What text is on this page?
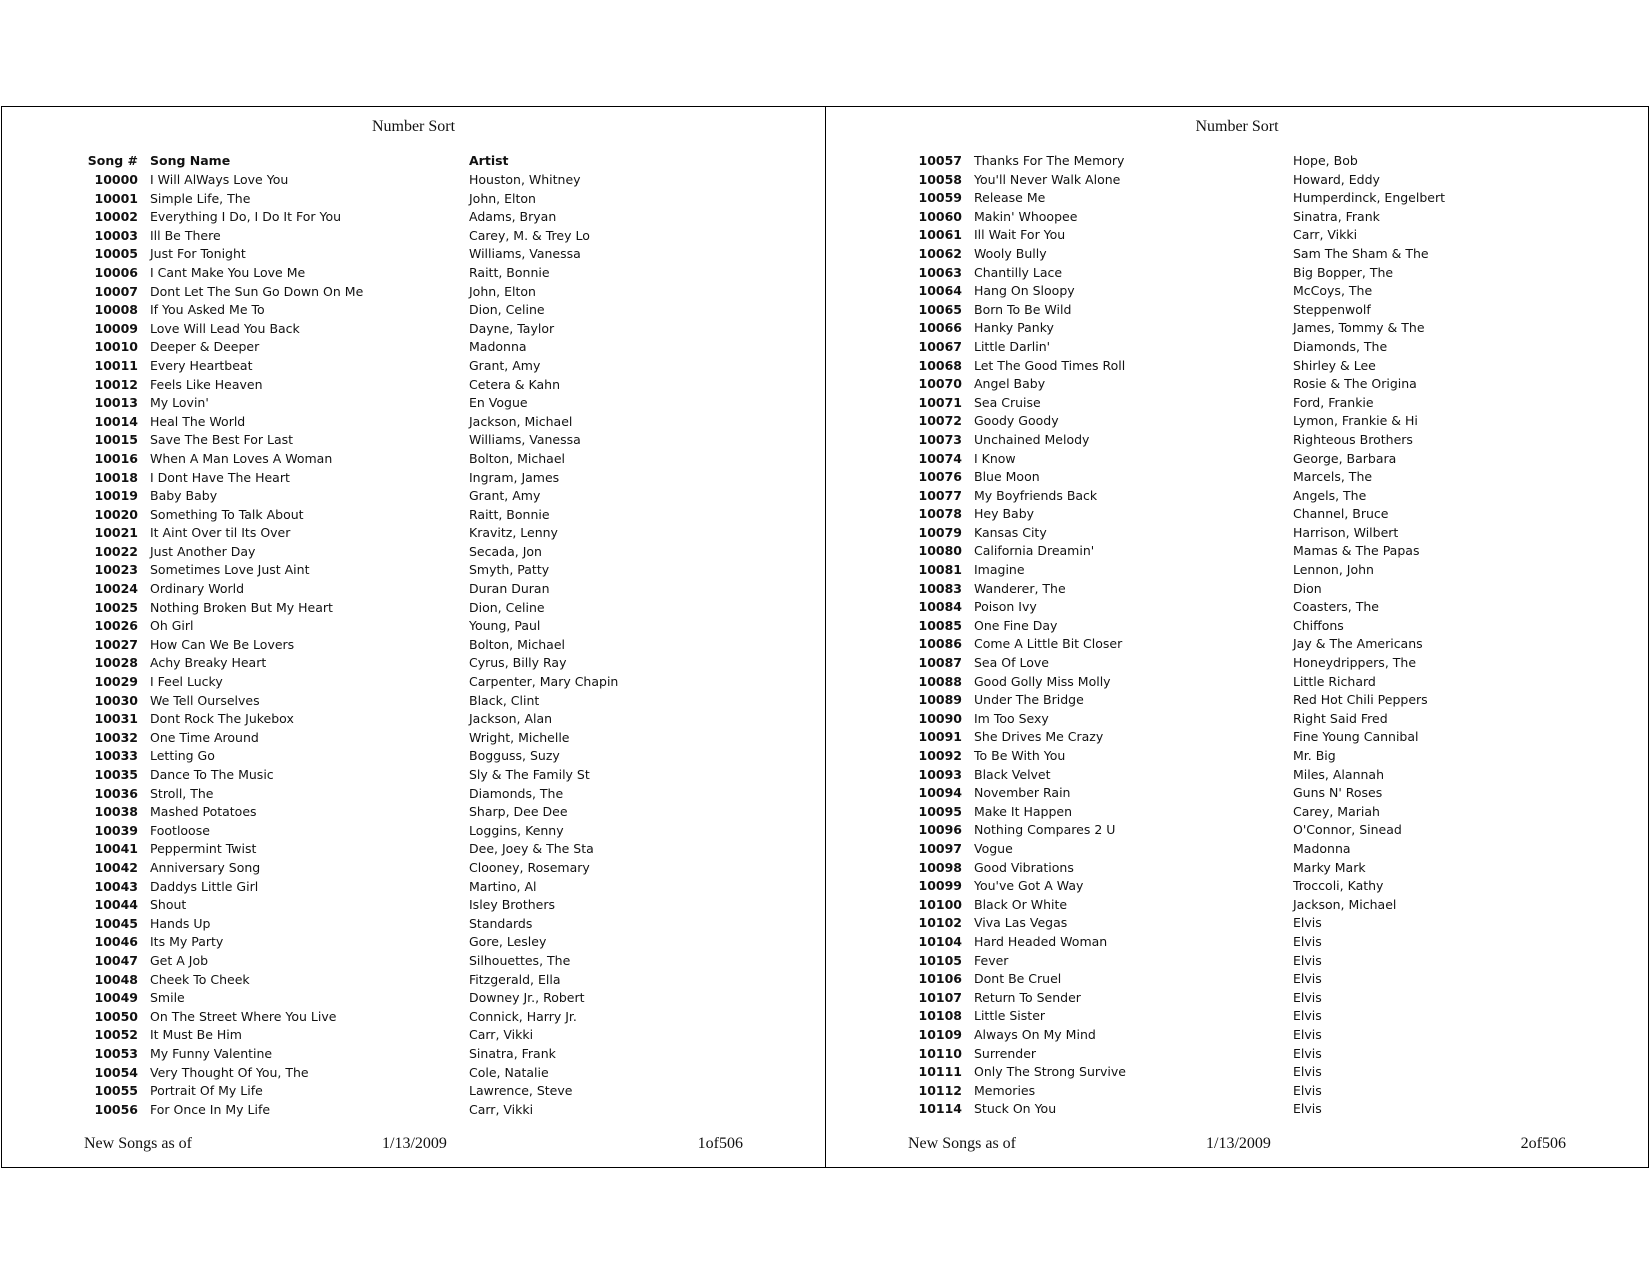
Number Sort
Song # Song Name	Artist
10000 I Will AlWays Love You	Houston, Whitney
10001 Simple Life, The	John, Elton
10002 Everything I Do, I Do It For You	Adams, Bryan
10003 Ill Be There	Carey, M. & Trey Lo
10005 Just For Tonight	Williams, Vanessa
10006 I Cant Make You Love Me	Raitt, Bonnie
10007 Dont Let The Sun Go Down On Me	John, Elton
10008 If You Asked Me To	Dion, Celine
10009 Love Will Lead You Back	Dayne, Taylor
10010 Deeper & Deeper	Madonna
10011 Every Heartbeat	Grant, Amy
10012 Feels Like Heaven	Cetera & Kahn
10013 My Lovin'	En Vogue
10014 Heal The World	Jackson, Michael
10015 Save The Best For Last	Williams, Vanessa
10016 When A Man Loves A Woman	Bolton, Michael
10018 I Dont Have The Heart	Ingram, James
10019 Baby Baby	Grant, Amy
10020 Something To Talk About	Raitt, Bonnie
10021 It Aint Over til Its Over	Kravitz, Lenny
10022 Just Another Day	Secada, Jon
10023 Sometimes Love Just Aint	Smyth, Patty
10024 Ordinary World	Duran Duran
10025 Nothing Broken But My Heart	Dion, Celine
10026 Oh Girl	Young, Paul
10027 How Can We Be Lovers	Bolton, Michael
10028 Achy Breaky Heart	Cyrus, Billy Ray
10029 I Feel Lucky	Carpenter, Mary Chapin
10030 We Tell Ourselves	Black, Clint
10031 Dont Rock The Jukebox	Jackson, Alan
10032 One Time Around	Wright, Michelle
10033 Letting Go	Bogguss, Suzy
10035 Dance To The Music	Sly & The Family St
10036 Stroll, The	Diamonds, The
10038 Mashed Potatoes	Sharp, Dee Dee
10039 Footloose	Loggins, Kenny
10041 Peppermint Twist	Dee, Joey & The Sta
10042 Anniversary Song	Clooney, Rosemary
10043 Daddys Little Girl	Martino, Al
10044 Shout	Isley Brothers
10045 Hands Up	Standards
10046 Its My Party	Gore, Lesley
10047 Get A Job	Silhouettes, The
10048 Cheek To Cheek	Fitzgerald, Ella
10049 Smile	Downey Jr., Robert
10050 On The Street Where You Live	Connick, Harry Jr.
10052 It Must Be Him	Carr, Vikki
10053 My Funny Valentine	Sinatra, Frank
10054 Very Thought Of You, The	Cole, Natalie
10055 Portrait Of My Life	Lawrence, Steve
10056 For Once In My Life	Carr, Vikki
New Songs as of	1/13/2009	1of506
Number Sort
10057 Thanks For The Memory	Hope, Bob
10058 You'll Never Walk Alone	Howard, Eddy
10059 Release Me	Humperdinck, Engelbert
10060 Makin' Whoopee	Sinatra, Frank
10061 Ill Wait For You	Carr, Vikki
10062 Wooly Bully	Sam The Sham & The
10063 Chantilly Lace	Big Bopper, The
10064 Hang On Sloopy	McCoys, The
10065 Born To Be Wild	Steppenwolf
10066 Hanky Panky	James, Tommy & The
10067 Little Darlin'	Diamonds, The
10068 Let The Good Times Roll	Shirley & Lee
10070 Angel Baby	Rosie & The Origina
10071 Sea Cruise	Ford, Frankie
10072 Goody Goody	Lymon, Frankie & Hi
10073 Unchained Melody	Righteous Brothers
10074 I Know	George, Barbara
10076 Blue Moon	Marcels, The
10077 My Boyfriends Back	Angels, The
10078 Hey Baby	Channel, Bruce
10079 Kansas City	Harrison, Wilbert
10080 California Dreamin'	Mamas & The Papas
10081 Imagine	Lennon, John
10083 Wanderer, The	Dion
10084 Poison Ivy	Coasters, The
10085 One Fine Day	Chiffons
10086 Come A Little Bit Closer	Jay & The Americans
10087 Sea Of Love	Honeydrippers, The
10088 Good Golly Miss Molly	Little Richard
10089 Under The Bridge	Red Hot Chili Peppers
10090 Im Too Sexy	Right Said Fred
10091 She Drives Me Crazy	Fine Young Cannibal
10092 To Be With You	Mr. Big
10093 Black Velvet	Miles, Alannah
10094 November Rain	Guns N' Roses
10095 Make It Happen	Carey, Mariah
10096 Nothing Compares 2 U	O'Connor, Sinead
10097 Vogue	Madonna
10098 Good Vibrations	Marky Mark
10099 You've Got A Way	Troccoli, Kathy
10100 Black Or White	Jackson, Michael
10102 Viva Las Vegas	Elvis
10104 Hard Headed Woman	Elvis
10105 Fever	Elvis
10106 Dont Be Cruel	Elvis
10107 Return To Sender	Elvis
10108 Little Sister	Elvis
10109 Always On My Mind	Elvis
10110 Surrender	Elvis
10111 Only The Strong Survive	Elvis
10112 Memories	Elvis
10114 Stuck On You	Elvis
New Songs as of	1/13/2009	2of506
